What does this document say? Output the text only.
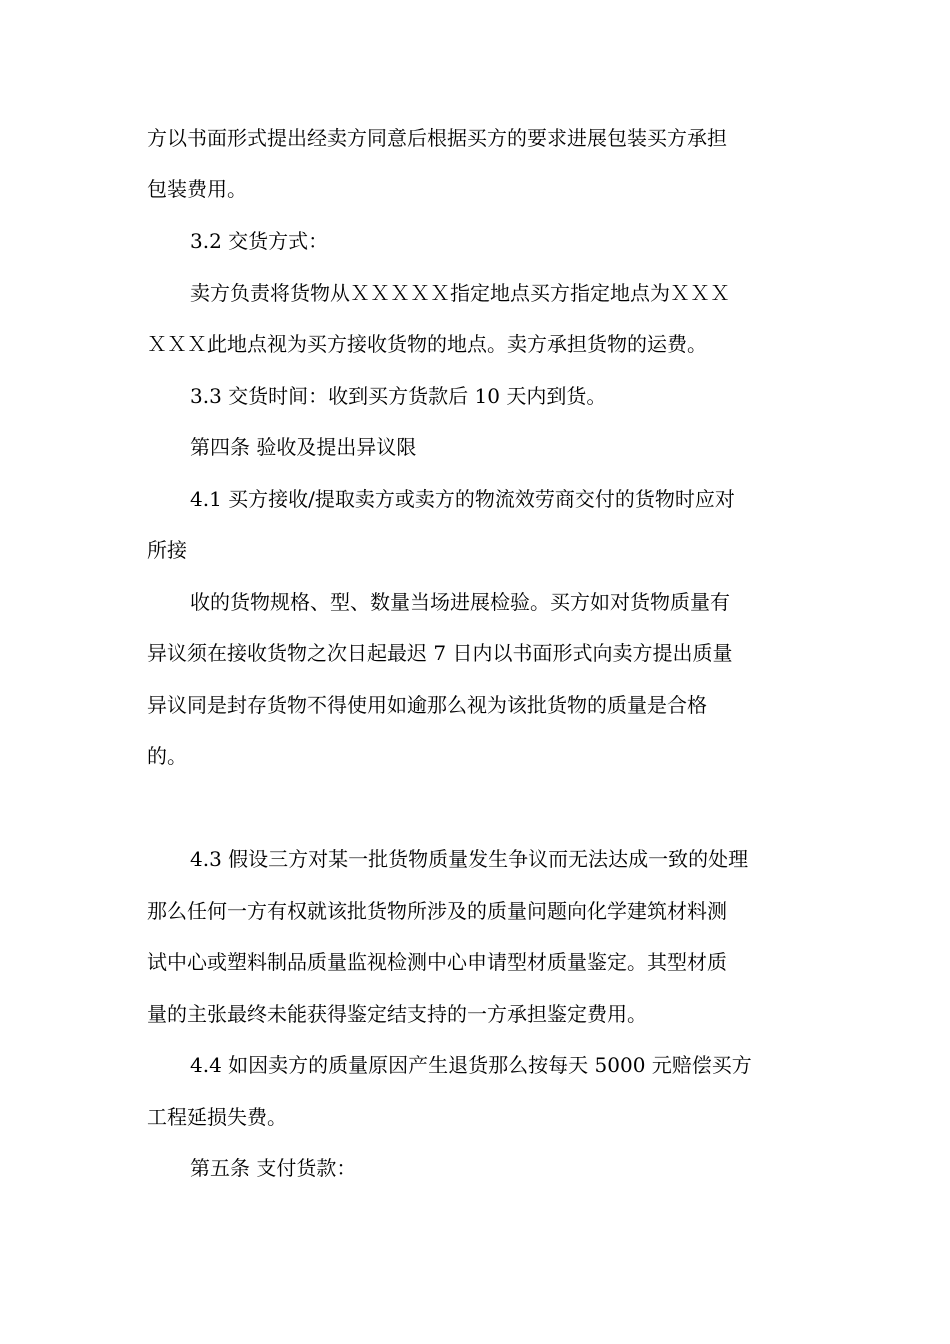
方以书面形式提出经卖方同意后根据买方的要求进展包装买方承担

包装费用。

3.2 交货方式：

卖方负责将货物从ＸＸＸＸＸ指定地点买方指定地点为ＸＸＸ

ＸＸＸ此地点视为买方接收货物的地点。卖方承担货物的运费。

3.3 交货时间：收到买方货款后 10 天内到货。

第四条 验收及提出异议限

4.1 买方接收/提取卖方或卖方的物流效劳商交付的货物时应对

所接

收的货物规格、型、数量当场进展检验。买方如对货物质量有

异议须在接收货物之次日起最迟 7 日内以书面形式向卖方提出质量

异议同是封存货物不得使用如逾那么视为该批货物的质量是合格

的。

4.3 假设三方对某一批货物质量发生争议而无法达成一致的处理

那么任何一方有权就该批货物所涉及的质量问题向化学建筑材料测

试中心或塑料制品质量监视检测中心申请型材质量鉴定。其型材质

量的主张最终未能获得鉴定结支持的一方承担鉴定费用。

4.4 如因卖方的质量原因产生退货那么按每天 5000 元赔偿买方

工程延损失费。

第五条 支付货款：
